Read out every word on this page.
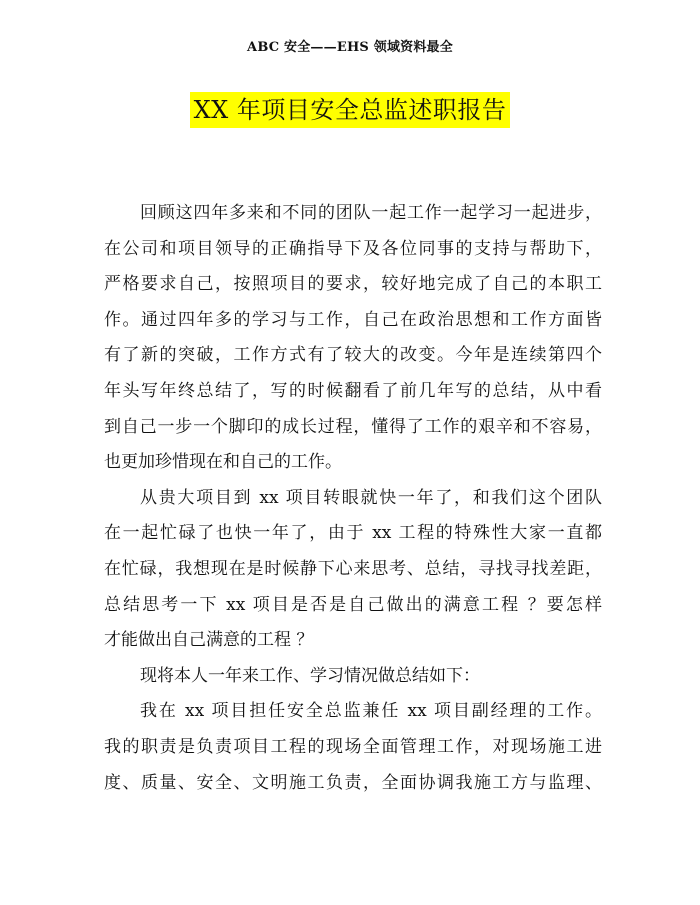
ABC 安全——EHS 领域资料最全
XX 年项目安全总监述职报告
回顾这四年多来和不同的团队一起工作一起学习一起进步，
在公司和项目领导的正确指导下及各位同事的支持与帮助下，
严格要求自己，按照项目的要求，较好地完成了自己的本职工
作。通过四年多的学习与工作，自己在政治思想和工作方面皆
有了新的突破，工作方式有了较大的改变。今年是连续第四个
年头写年终总结了，写的时候翻看了前几年写的总结，从中看
到自己一步一个脚印的成长过程，懂得了工作的艰辛和不容易，
也更加珍惜现在和自己的工作。
从贵大项目到 xx 项目转眼就快一年了，和我们这个团队
在一起忙碌了也快一年了，由于 xx 工程的特殊性大家一直都
在忙碌，我想现在是时候静下心来思考、总结，寻找寻找差距，
总结思考一下 xx 项目是否是自己做出的满意工程 ？要怎样
才能做出自己满意的工程 ？
现将本人一年来工作、学习情况做总结如下：
我在 xx 项目担任安全总监兼任 xx 项目副经理的工作。
我的职责是负责项目工程的现场全面管理工作，对现场施工进
度、质量、安全、文明施工负责，全面协调我施工方与监理、
